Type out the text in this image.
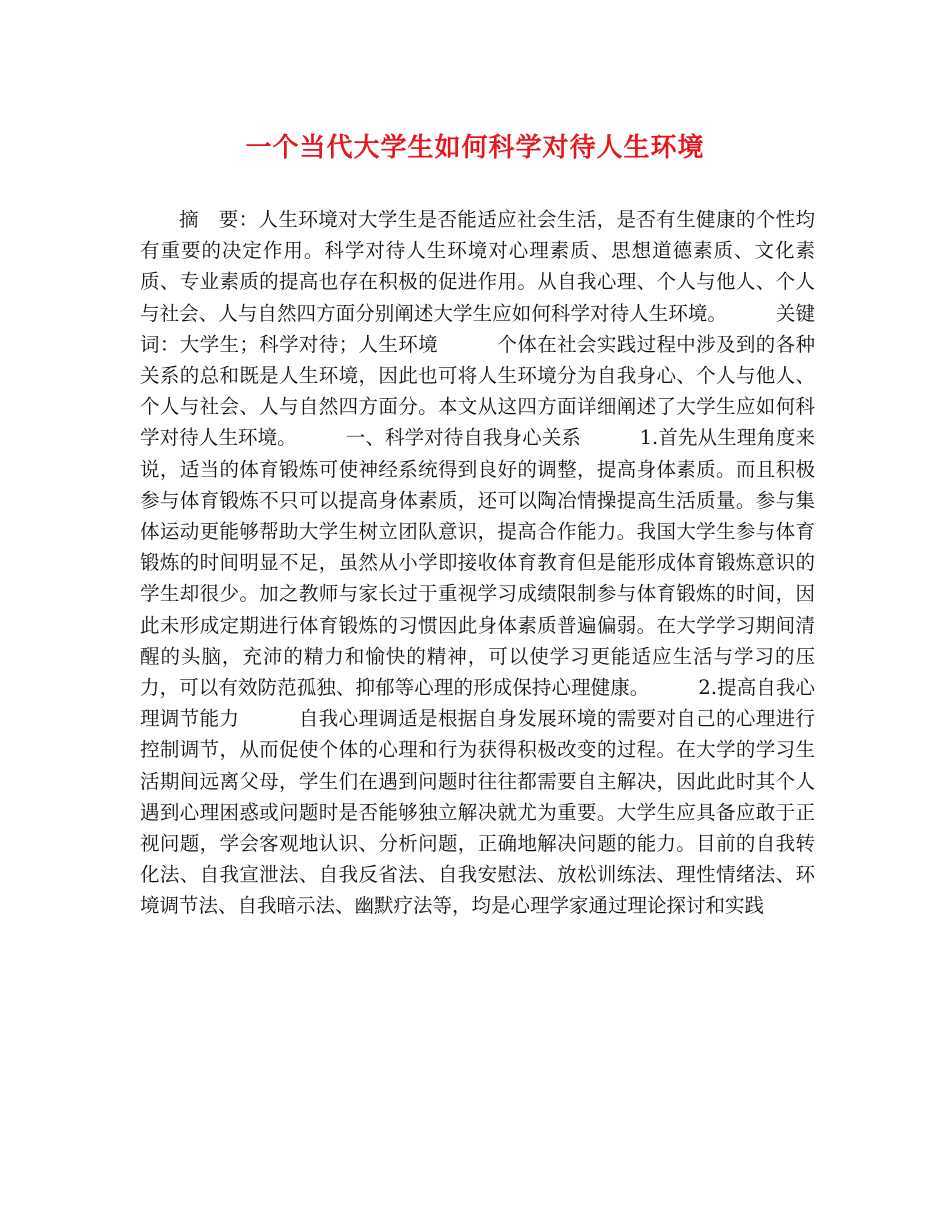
一个当代大学生如何科学对待人生环境

摘　要：人生环境对大学生是否能适应社会生活，是否有生健康的个性均有重要的决定作用。科学对待人生环境对心理素质、思想道德素质、文化素质、专业素质的提高也存在积极的促进作用。从自我心理、个人与他人、个人与社会、人与自然四方面分别阐述大学生应如何科学对待人生环境。　　　关键词：大学生；科学对待；人生环境　　　个体在社会实践过程中涉及到的各种关系的总和既是人生环境，因此也可将人生环境分为自我身心、个人与他人、个人与社会、人与自然四方面分。本文从这四方面详细阐述了大学生应如何科学对待人生环境。　　　一、科学对待自我身心关系　　　1.首先从生理角度来说，适当的体育锻炼可使神经系统得到良好的调整，提高身体素质。而且积极参与体育锻炼不只可以提高身体素质，还可以陶冶情操提高生活质量。参与集体运动更能够帮助大学生树立团队意识，提高合作能力。我国大学生参与体育锻炼的时间明显不足，虽然从小学即接收体育教育但是能形成体育锻炼意识的学生却很少。加之教师与家长过于重视学习成绩限制参与体育锻炼的时间，因此未形成定期进行体育锻炼的习惯因此身体素质普遍偏弱。在大学学习期间清醒的头脑，充沛的精力和愉快的精神，可以使学习更能适应生活与学习的压力，可以有效防范孤独、抑郁等心理的形成保持心理健康。　　　2.提高自我心理调节能力　　　自我心理调适是根据自身发展环境的需要对自己的心理进行控制调节，从而促使个体的心理和行为获得积极改变的过程。在大学的学习生活期间远离父母，学生们在遇到问题时往往都需要自主解决，因此此时其个人遇到心理困惑或问题时是否能够独立解决就尤为重要。大学生应具备应敢于正视问题，学会客观地认识、分析问题，正确地解决问题的能力。目前的自我转化法、自我宣泄法、自我反省法、自我安慰法、放松训练法、理性情绪法、环境调节法、自我暗示法、幽默疗法等，均是心理学家通过理论探讨和实践
